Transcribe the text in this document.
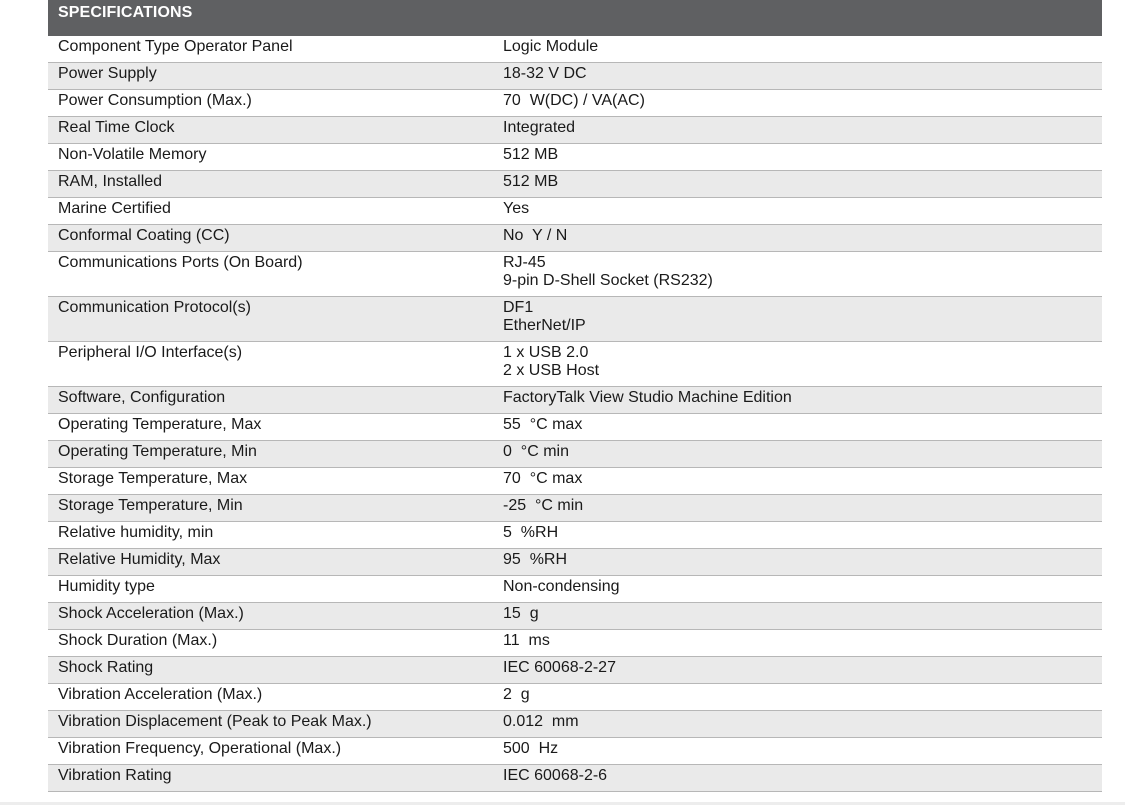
SPECIFICATIONS
Component Type Operator Panel	Logic Module

Power Supply	18-32 V DC

Power Consumption (Max.)	70  W(DC) / VA(AC)

Real Time Clock	Integrated

Non-Volatile Memory	512 MB

RAM, Installed	512 MB

Marine Certified	Yes

Conformal Coating (CC)	No  Y / N

Communications Ports (On Board)	RJ-45
9-pin D-Shell Socket (RS232)

Communication Protocol(s)	DF1
EtherNet/IP

Peripheral I/O Interface(s)	1 x USB 2.0
2 x USB Host

Software, Configuration	FactoryTalk View Studio Machine Edition

Operating Temperature, Max	55  °C max

Operating Temperature, Min	0  °C min

Storage Temperature, Max	70  °C max

Storage Temperature, Min	-25  °C min

Relative humidity, min	5  %RH

Relative Humidity, Max	95  %RH

Humidity type	Non-condensing

Shock Acceleration (Max.)	15  g

Shock Duration (Max.)	11  ms

Shock Rating	IEC 60068-2-27

Vibration Acceleration (Max.)	2  g

Vibration Displacement (Peak to Peak Max.)	0.012  mm

Vibration Frequency, Operational (Max.)	500  Hz

Vibration Rating	IEC 60068-2-6
